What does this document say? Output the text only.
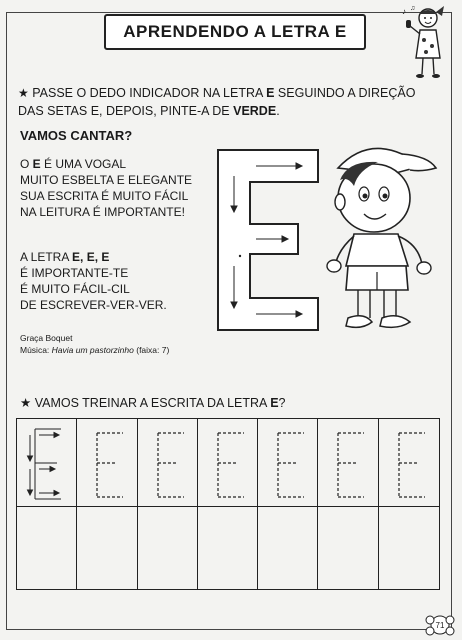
APRENDENDO A LETRA E
♪ ♫
★ PASSE O DEDO INDICADOR NA LETRA E SEGUINDO A DIREÇÃO DAS SETAS E, DEPOIS, PINTE-A DE VERDE.
VAMOS CANTAR?
O E É UMA VOGAL
MUITO ESBELTA E ELEGANTE
SUA ESCRITA É MUITO FÁCIL
NA LEITURA É IMPORTANTE!
A LETRA E, E, E
É IMPORTANTE-TE
É MUITO FÁCIL-CIL
DE ESCREVER-VER-VER.
Graça Boquet
Música: Havia um pastorzinho (faixa: 7)
★ VAMOS TREINAR A ESCRITA DA LETRA E?
71
